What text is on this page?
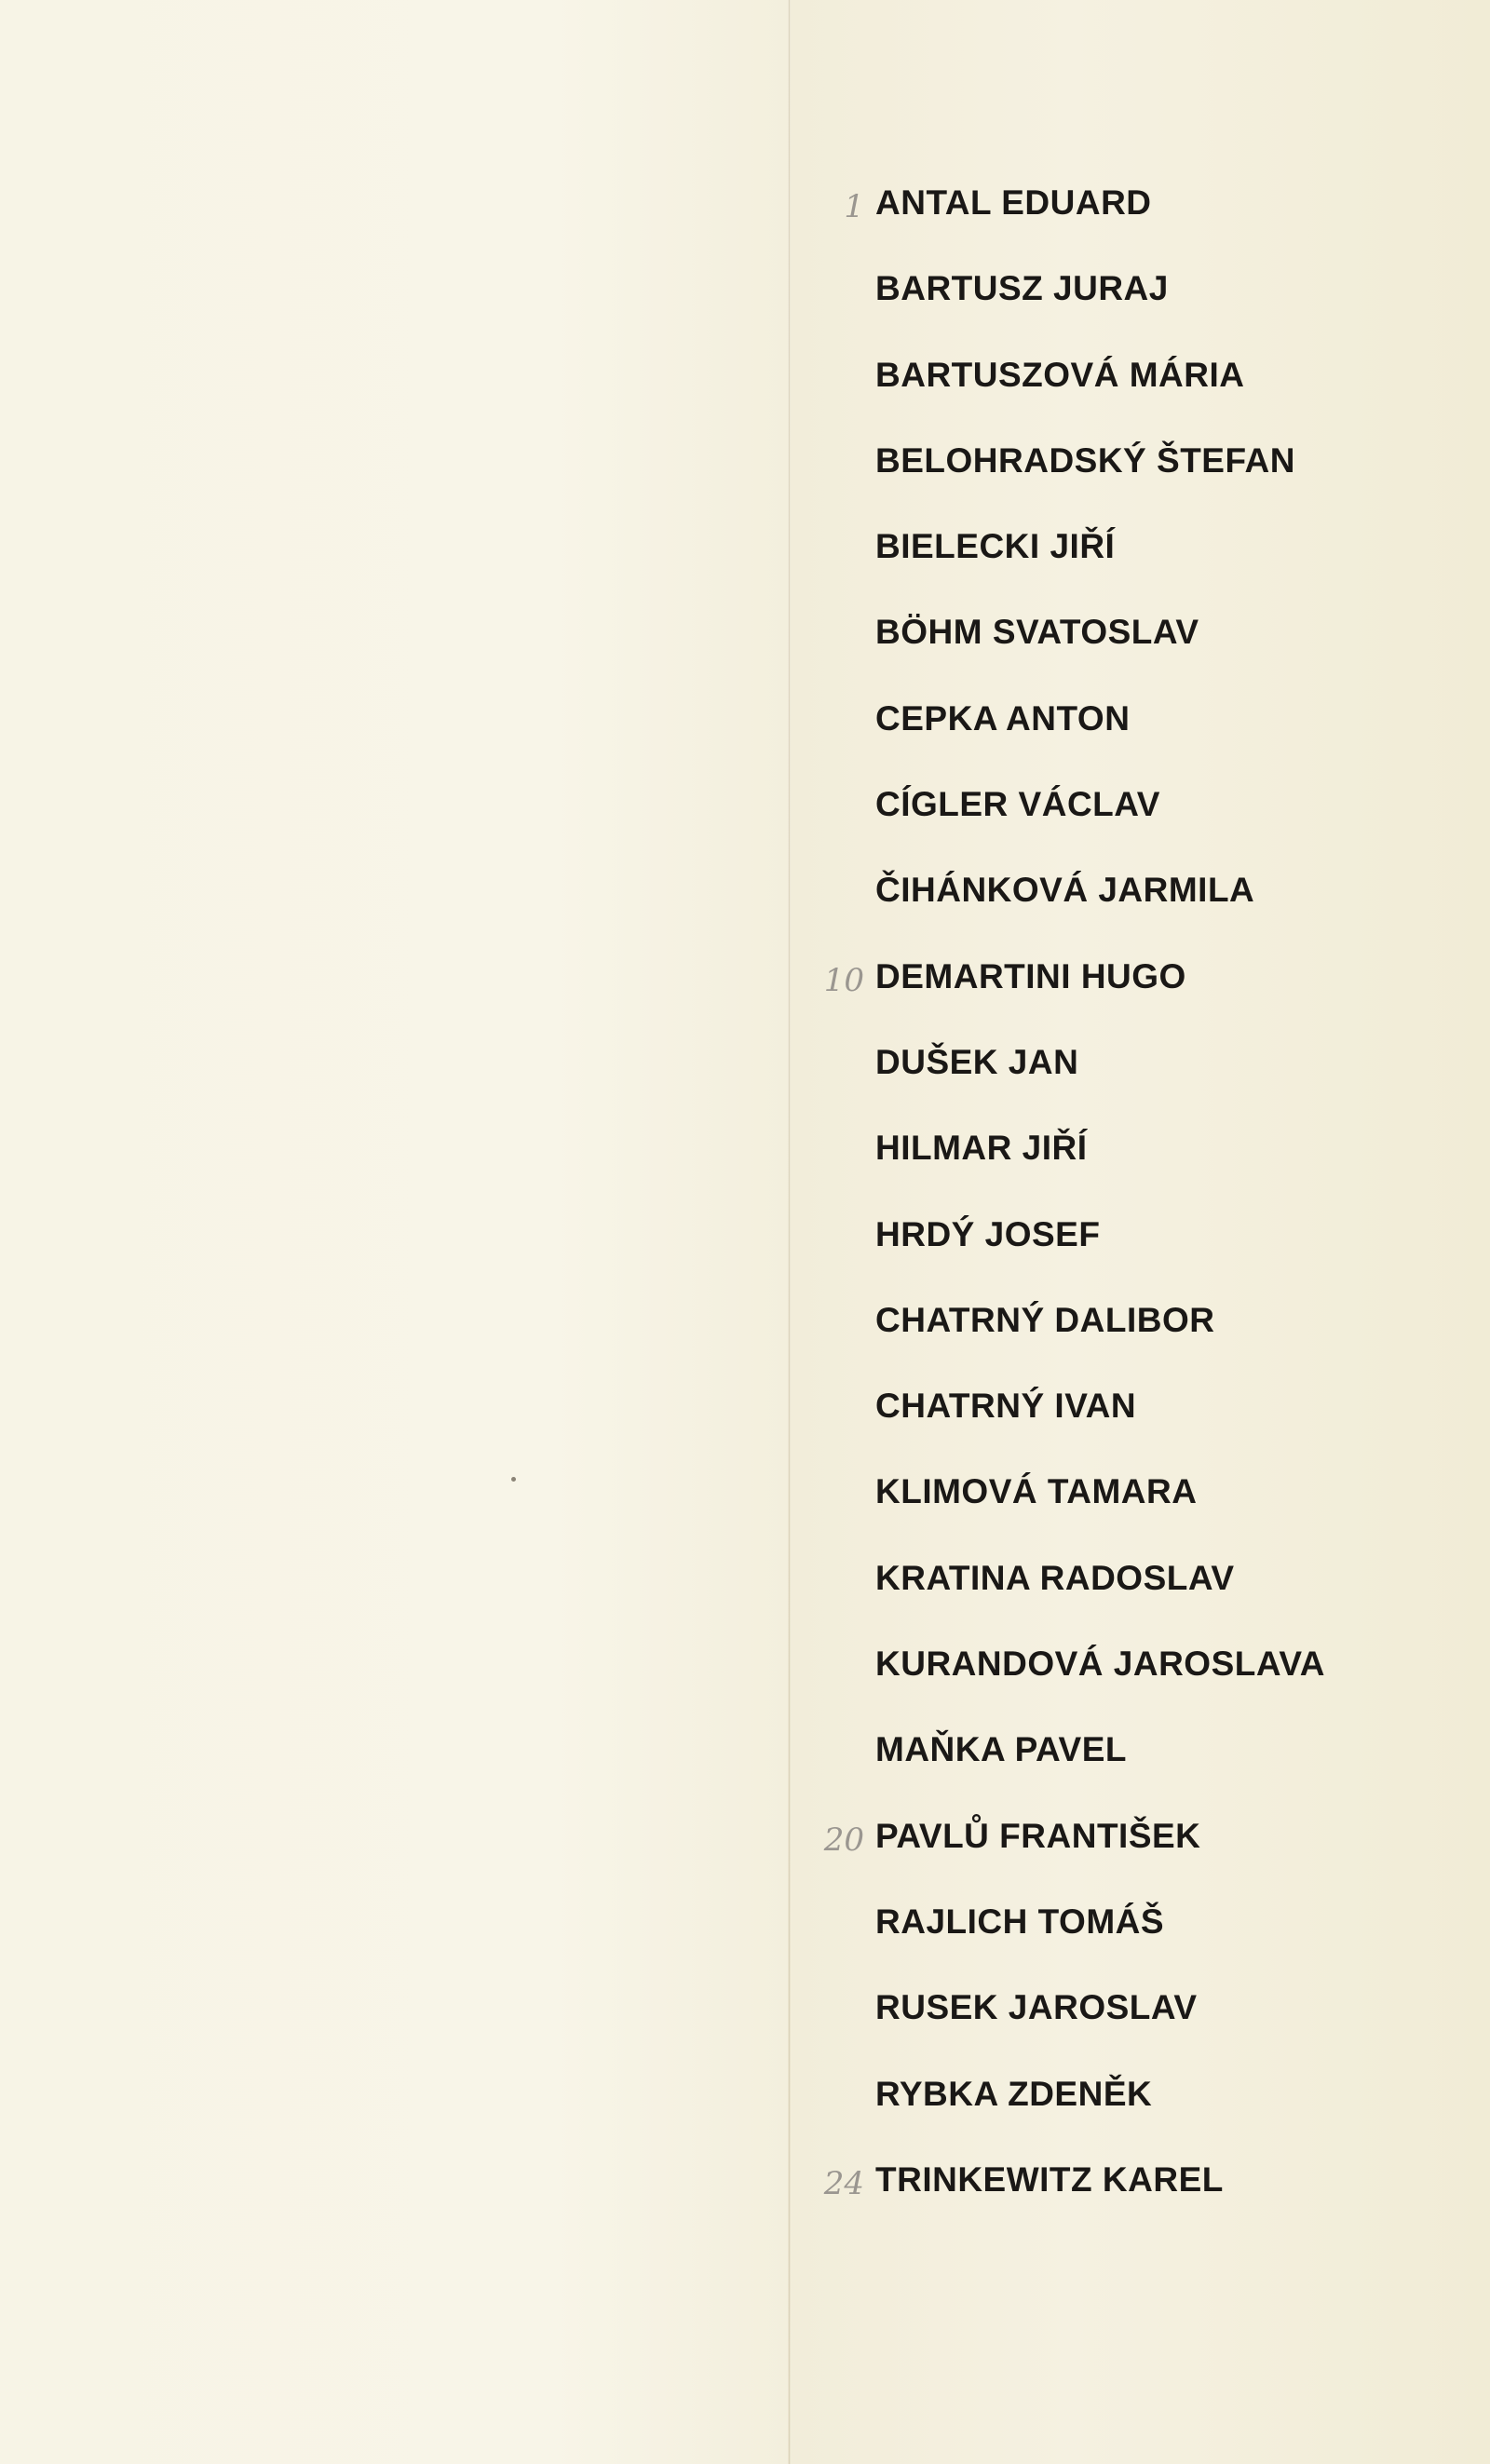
1 ANTAL EDUARD
BARTUSZ JURAJ
BARTUSZOVÁ MÁRIA
BELOHRADSKÝ ŠTEFAN
BIELECKI JIŘÍ
BÖHM SVATOSLAV
CEPKA ANTON
CÍGLER VÁCLAV
ČIHÁNKOVÁ JARMILA
10 DEMARTINI HUGO
DUŠEK JAN
HILMAR JIŘÍ
HRDÝ JOSEF
CHATRNÝ DALIBOR
CHATRNÝ IVAN
KLIMOVÁ TAMARA
KRATINA RADOSLAV
KURANDOVÁ JAROSLAVA
MAŇKA PAVEL
20 PAVLŮ FRANTIŠEK
RAJLICH TOMÁŠ
RUSEK JAROSLAV
RYBKA ZDENĚK
24 TRINKEWITZ KAREL
